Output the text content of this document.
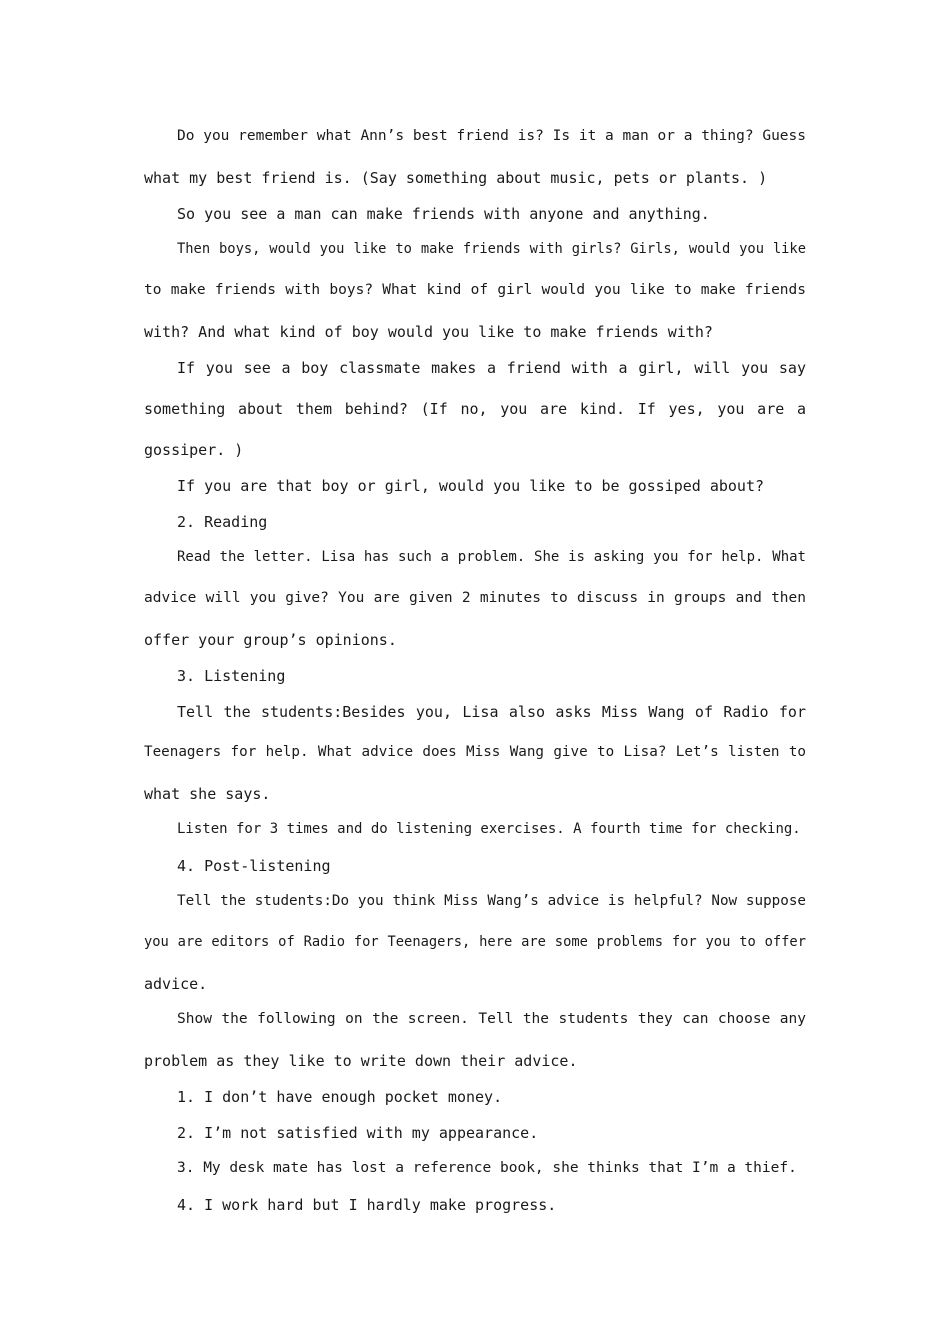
Do you remember what Ann’s best friend is? Is it a man or a thing? Guess

what my best friend is. (Say something about music, pets or plants. )

So you see a man can make friends with anyone and anything.

Then boys, would you like to make friends with girls? Girls, would you like

to make friends with boys? What kind of girl would you like to make friends

with? And what kind of boy would you like to make friends with?

If you see a boy classmate makes a friend with a girl, will you say

something about them behind? (If no, you are kind. If yes, you are a

gossiper. )

If you are that boy or girl, would you like to be gossiped about?

2. Reading

Read the letter. Lisa has such a problem. She is asking you for help. What

advice will you give? You are given 2 minutes to discuss in groups and then

offer your group’s opinions.

3. Listening

Tell the students:Besides you, Lisa also asks Miss Wang of Radio for

Teenagers for help. What advice does Miss Wang give to Lisa? Let’s listen to

what she says.

Listen for 3 times and do listening exercises. A fourth time for checking.

4. Post-listening

Tell the students:Do you think Miss Wang’s advice is helpful? Now suppose

you are editors of Radio for Teenagers, here are some problems for you to offer

advice.

Show the following on the screen. Tell the students they can choose any

problem as they like to write down their advice.

1. I don’t have enough pocket money.

2. I’m not satisfied with my appearance.

3. My desk mate has lost a reference book, she thinks that I’m a thief.

4. I work hard but I hardly make progress.
